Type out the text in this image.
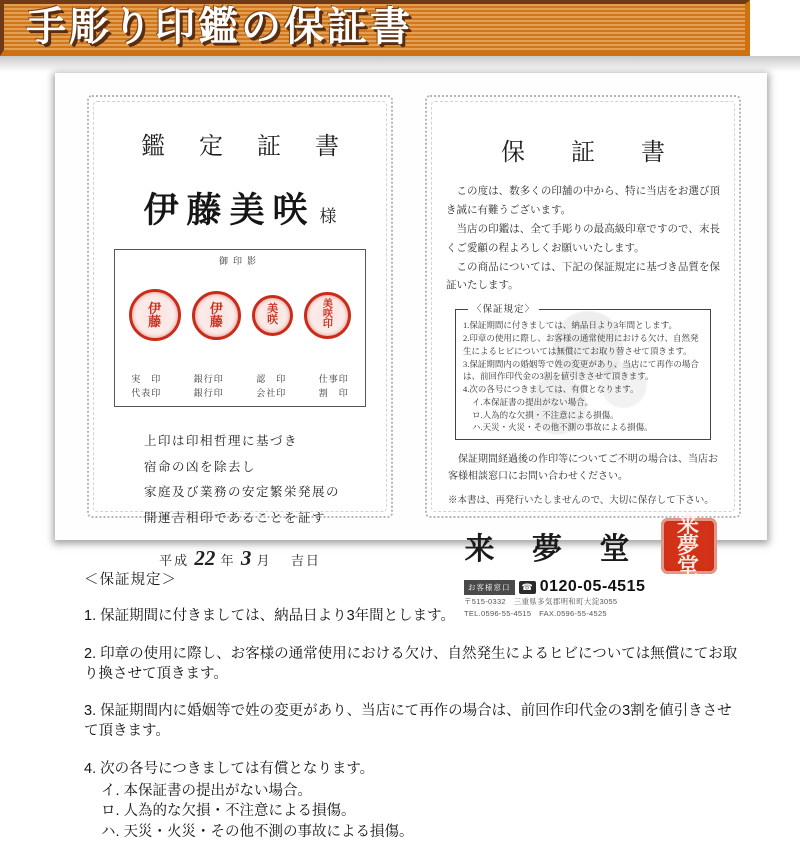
手彫り印鑑の保証書
鑑 定 証 書
伊藤美咲 様
御印影
伊藤
伊藤
美咲
美咲印
実　印
代表印
銀行印
銀行印
認　印
会社印
仕事印
割　印
上印は印相哲理に基づき
宿命の凶を除去し
家庭及び業務の安定繁栄発展の
開運吉相印であることを証す
平成 22 年 3 月 吉日
保 証 書

この度は、数多くの印舗の中から、特に当店をお選び頂き誠に有難うございます。

当店の印鑑は、全て手彫りの最高級印章ですので、末長くご愛顧の程よろしくお願いいたします。

この商品については、下記の保証規定に基づき品質を保証いたします。

〈保証規定〉
1.保証期間に付きましては、納品日より3年間とします。
2.印章の使用に際し、お客様の通常使用における欠け、自然発生によるヒビについては無償にてお取り替させて頂きます。
3.保証期間内の婚姻等で姓の変更があり、当店にて再作の場合は、前回作印代金の3割を値引きさせて頂きます。
4.次の各号につきましては、有償となります。
イ.本保証書の提出がない場合。
ロ.人為的な欠損・不注意による損傷。
ハ.天災・火災・その他不測の事故による損傷。
保証期間経過後の作印等についてご不明の場合は、当店お客様相談窓口にお問い合わせください。
※本書は、再発行いたしませんので、大切に保存して下さい。
来 夢 堂
来夢堂
お客様窓口	☎ 0120-05-4515
〒515-0332　三重県多気郡明和町大淀3055
TEL.0596-55-4515　FAX.0596-55-4525

＜保証規定＞

1. 保証期間に付きましては、納品日より3年間とします。

2. 印章の使用に際し、お客様の通常使用における欠け、自然発生によるヒビについては無償にてお取り換させて頂きます。

3. 保証期間内に婚姻等で姓の変更があり、当店にて再作の場合は、前回作印代金の3割を値引きさせて頂きます。

4. 次の各号につきましては有償となります。

イ. 本保証書の提出がない場合。

ロ. 人為的な欠損・不注意による損傷。

ハ. 天災・火災・その他不測の事故による損傷。
